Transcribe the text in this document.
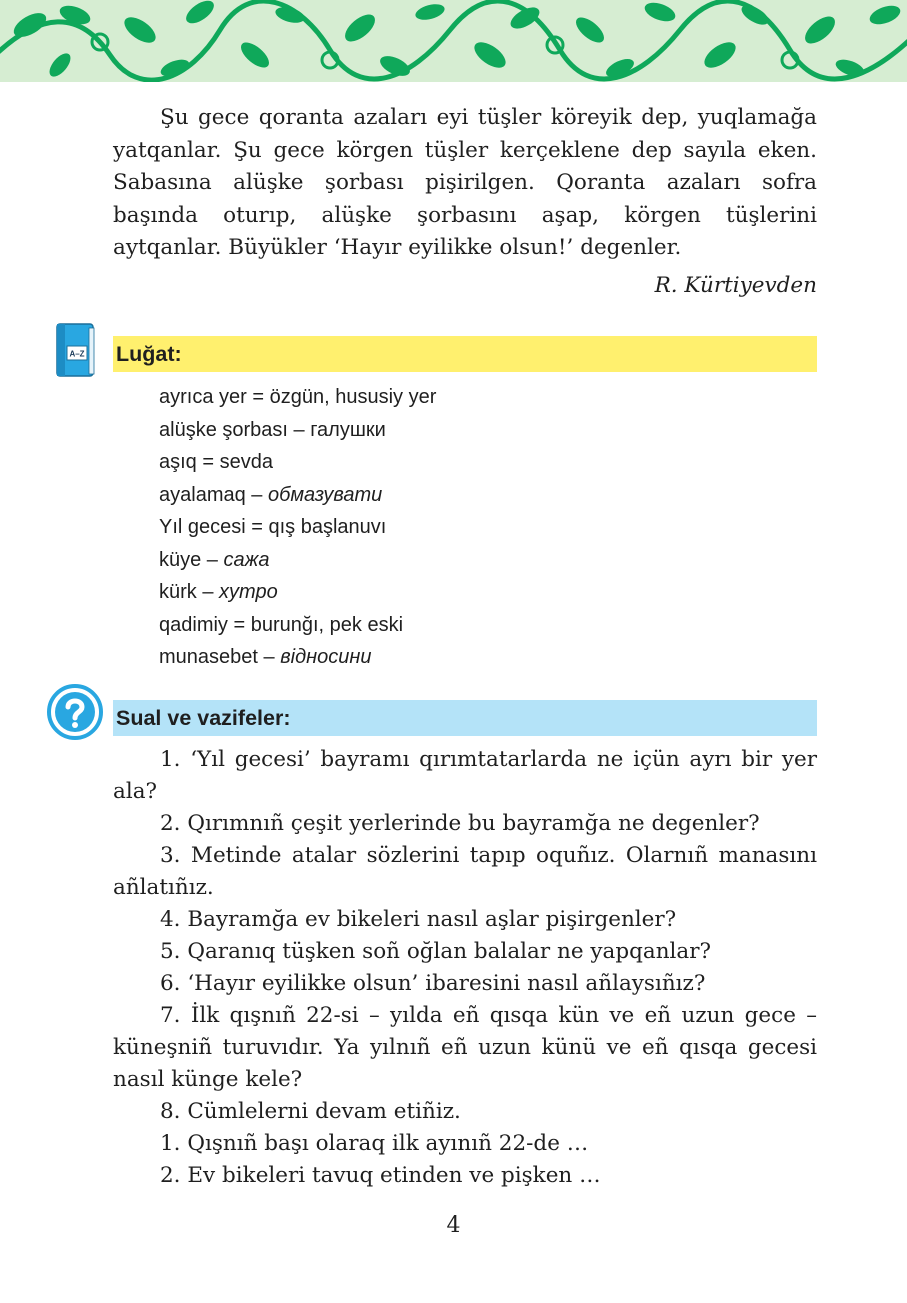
Şu gece qoranta azaları eyi tüşler köreyik dep, yuqlamağa yatqanlar. Şu gece körgen tüşler kerçeklene dep sayıla eken. Sabasına alüşke şorbası pişirilgen. Qoranta azaları sofra başında oturıp, alüşke şorbasını aşap, körgen tüşlerini aytqanlar. Büyükler ‘Hayır eyilikke olsun!’ degenler.

R. Kürtiyevden
A–Z Luğat:
ayrıca yer = özgün, hususiy yer
alüşke şorbası – галушки
aşıq = sevda
ayalamaq – обмазувати
Yıl gecesi = qış başlanuvı
küye – сажа
kürk – хутро
qadimiy = burunğı, pek eski
munasebet – відносини
Sual ve vazifeler:

1. ‘Yıl gecesi’ bayramı qırımtatarlarda ne içün ayrı bir yer ala?

2. Qırımnıñ çeşit yerlerinde bu bayramğa ne degenler?

3. Metinde atalar sözlerini tapıp oquñız. Olarnıñ manasını añlatıñız.

4. Bayramğa ev bikeleri nasıl aşlar pişirgenler?

5. Qaranıq tüşken soñ oğlan balalar ne yapqanlar?

6. ‘Hayır eyilikke olsun’ ibaresini nasıl añlaysıñız?

7. İlk qışnıñ 22-si – yılda eñ qısqa kün ve eñ uzun gece – küneşniñ turuvıdır. Ya yılnıñ eñ uzun künü ve eñ qısqa gecesi nasıl künge kele?

8. Cümlelerni devam etiñiz.

1. Qışnıñ başı olaraq ilk ayınıñ 22-de …

2. Ev bikeleri tavuq etinden ve pişken …

4
